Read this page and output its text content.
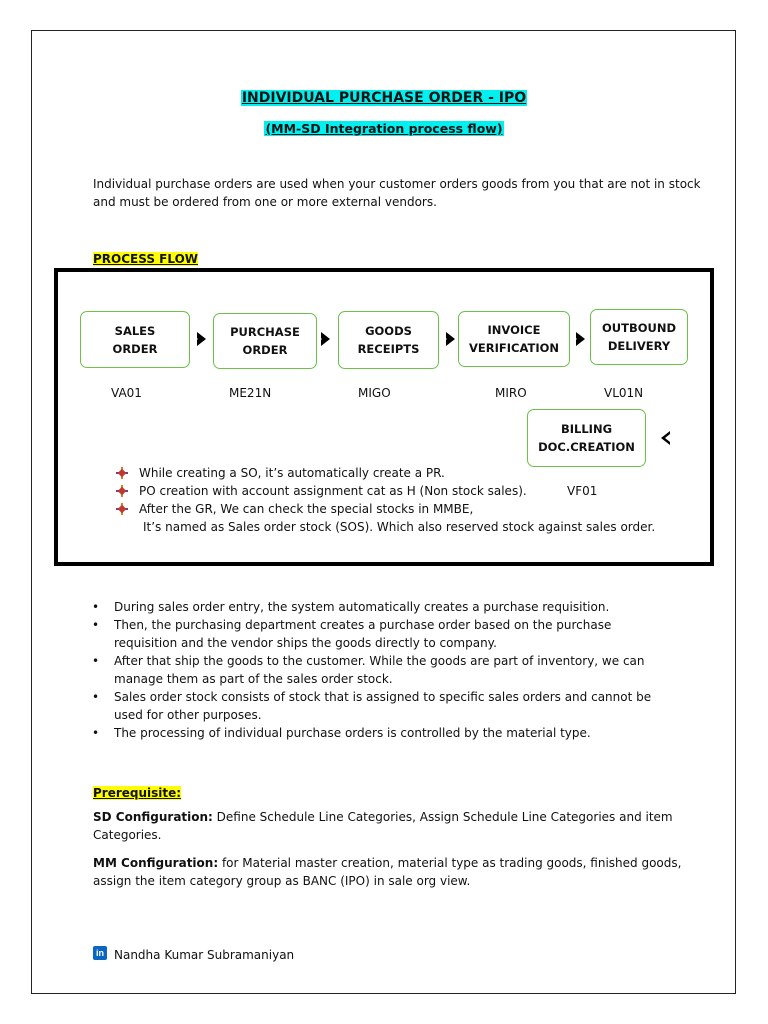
INDIVIDUAL PURCHASE ORDER - IPO
(MM-SD Integration process flow)
Individual purchase orders are used when your customer orders goods from you that are not in stock
and must be ordered from one or more external vendors.
PROCESS FLOW
SALES
ORDER
PURCHASE
ORDER
GOODS
RECEIPTS
INVOICE
VERIFICATION
OUTBOUND
DELIVERY
BILLING
DOC.CREATION
VA01	ME21N	MIGO	MIRO	VL01N
VF01
While creating a SO, it’s automatically create a PR.
PO creation with account assignment cat as H (Non stock sales).
After the GR, We can check the special stocks in MMBE,
It’s named as Sales order stock (SOS). Which also reserved stock against sales order.
• During sales order entry, the system automatically creates a purchase requisition.
• Then, the purchasing department creates a purchase order based on the purchase
requisition and the vendor ships the goods directly to company.
• After that ship the goods to the customer. While the goods are part of inventory, we can
manage them as part of the sales order stock.
• Sales order stock consists of stock that is assigned to specific sales orders and cannot be
used for other purposes.
• The processing of individual purchase orders is controlled by the material type.
Prerequisite:
SD Configuration: Define Schedule Line Categories, Assign Schedule Line Categories and item
Categories.
MM Configuration: for Material master creation, material type as trading goods, finished goods,
assign the item category group as BANC (IPO) in sale org view.
in Nandha Kumar Subramaniyan
